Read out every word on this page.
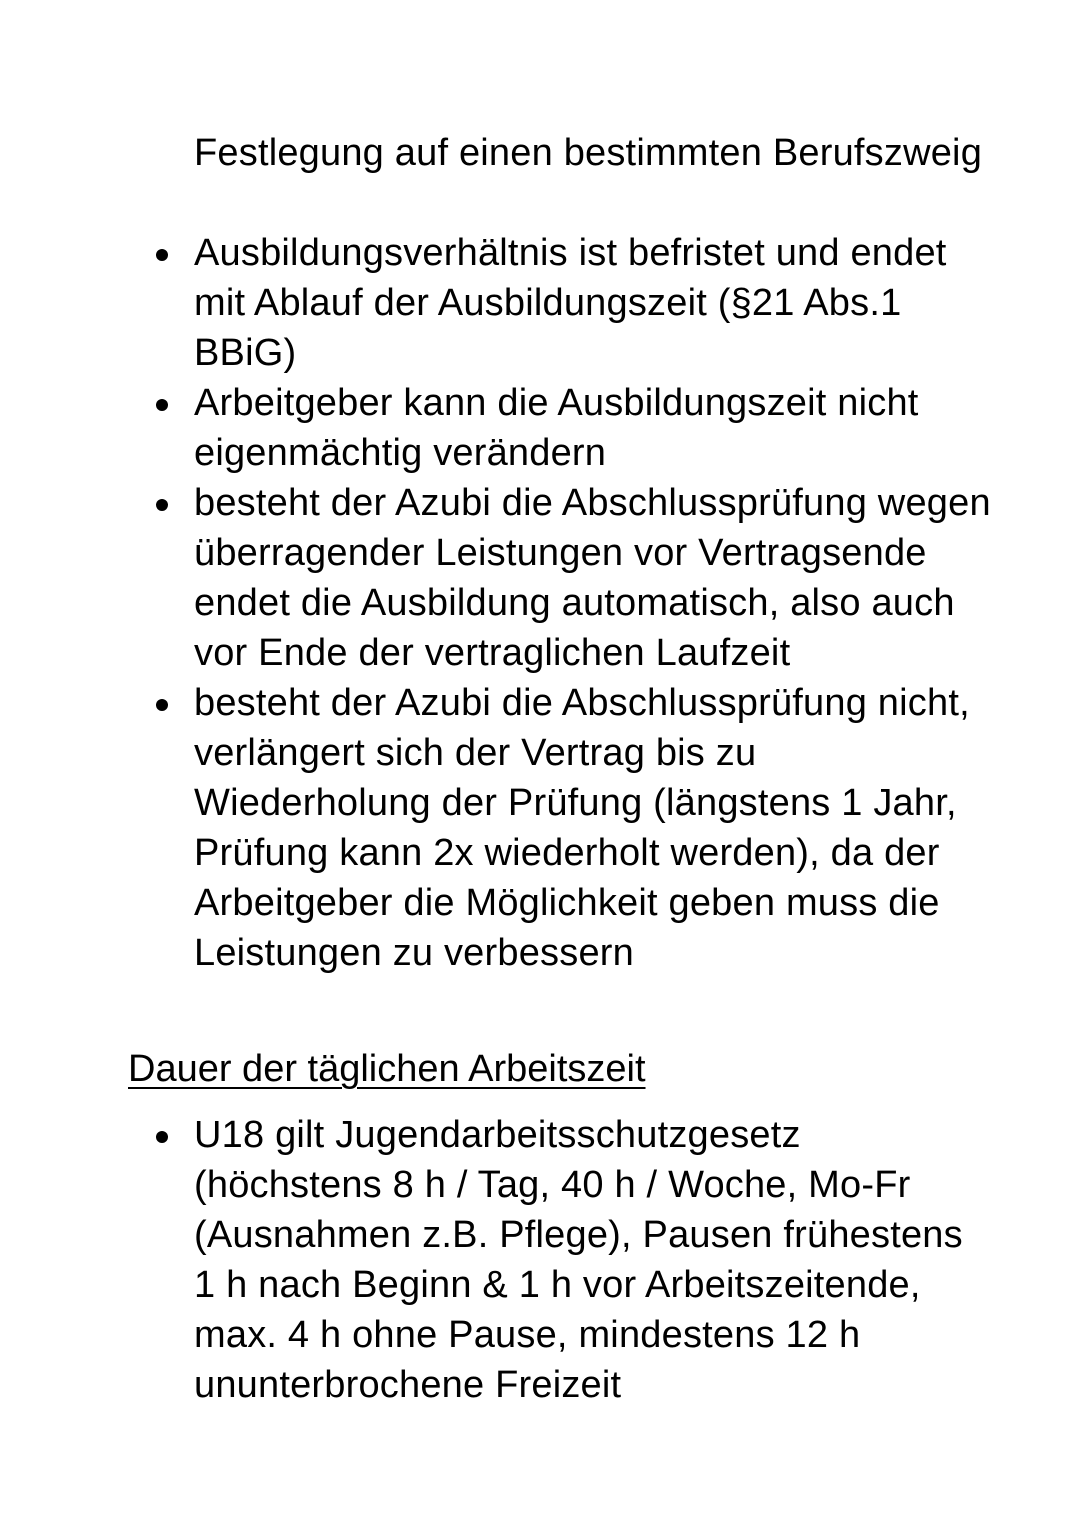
Festlegung auf einen bestimmten Berufszweig
Ausbildungsverhältnis ist befristet und endet mit Ablauf der Ausbildungszeit (§21 Abs.1 BBiG)
Arbeitgeber kann die Ausbildungszeit nicht eigenmächtig verändern
besteht der Azubi die Abschlussprüfung wegen überragender Leistungen vor Vertragsende endet die Ausbildung automatisch, also auch vor Ende der vertraglichen Laufzeit
besteht der Azubi die Abschlussprüfung nicht, verlängert sich der Vertrag bis zu Wiederholung der Prüfung (längstens 1 Jahr, Prüfung kann 2x wiederholt werden), da der Arbeitgeber die Möglichkeit geben muss die Leistungen zu verbessern
Dauer der täglichen Arbeitszeit
U18 gilt Jugendarbeitsschutzgesetz (höchstens 8 h / Tag, 40 h / Woche, Mo-Fr (Ausnahmen z.B. Pflege), Pausen frühestens 1 h nach Beginn & 1 h vor Arbeitszeitende, max. 4 h ohne Pause, mindestens 12 h ununterbrochene Freizeit
